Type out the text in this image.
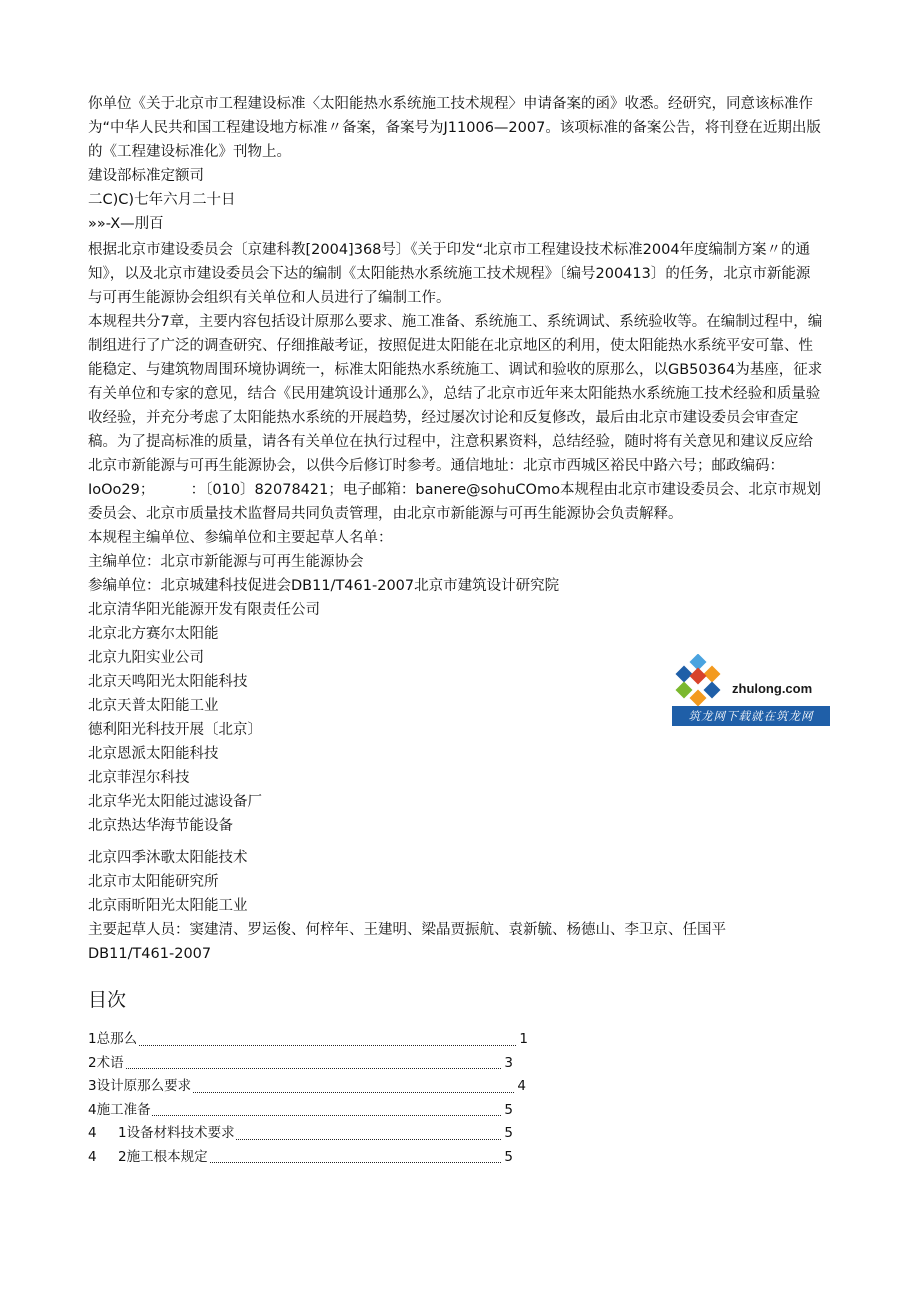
你单位《关于北京市工程建设标准〈太阳能热水系统施工技术规程〉申请备案的函》收悉。经研究，同意该标准作为“中华人民共和国工程建设地方标准〃备案，备案号为J11006—2007。该项标准的备案公告，将刊登在近期出版的《工程建设标准化》刊物上。

建设部标准定额司
二C)C)七年六月二十日
»»-X—刖百

根据北京市建设委员会〔京建科教[2004]368号〕《关于印发“北京市工程建设技术标准2004年度编制方案〃的通知》，以及北京市建设委员会下达的编制《太阳能热水系统施工技术规程》〔编号200413〕的任务，北京市新能源与可再生能源协会组织有关单位和人员进行了编制工作。

本规程共分7章，主要内容包括设计原那么要求、施工准备、系统施工、系统调试、系统验收等。在编制过程中，编制组进行了广泛的调查研究、仔细推敲考证，按照促进太阳能在北京地区的利用，使太阳能热水系统平安可靠、性能稳定、与建筑物周围环境协调统一，标准太阳能热水系统施工、调试和验收的原那么，以GB50364为基座，征求有关单位和专家的意见，结合《民用建筑设计通那么》，总结了北京市近年来太阳能热水系统施工技术经验和质量验收经验，并充分考虑了太阳能热水系统的开展趋势，经过屡次讨论和反复修改，最后由北京市建设委员会审查定稿。为了提高标准的质量，请各有关单位在执行过程中，注意积累资料，总结经验，随时将有关意见和建议反应给北京市新能源与可再生能源协会，以供今后修订时参考。通信地址：北京市西城区裕民中路六号；邮政编码：IoOo29；　　　：〔010〕82078421；电子邮箱：banere@sohuCOmo本规程由北京市建设委员会、北京市规划委员会、北京市质量技术监督局共同负责管理，由北京市新能源与可再生能源协会负责解释。

本规程主编单位、参编单位和主要起草人名单：
主编单位：北京市新能源与可再生能源协会
参编单位：北京城建科技促进会DB11/T461-2007北京市建筑设计研究院
北京清华阳光能源开发有限责任公司
北京北方赛尔太阳能
北京九阳实业公司
北京天鸣阳光太阳能科技
北京天普太阳能工业
德利阳光科技开展〔北京〕
北京恩派太阳能科技
北京菲涅尔科技
北京华光太阳能过滤设备厂
北京热达华海节能设备
北京四季沐歌太阳能技术
北京市太阳能研究所
北京雨昕阳光太阳能工业
主要起草人员：窦建清、罗运俊、何梓年、王建明、梁晶贾振航、袁新毓、杨德山、李卫京、任国平
DB11/T461-2007
目次
1总那么	1
2术语	3
3设计原那么要求	4
4施工准备	5
4 1设备材料技术要求	5
4 2施工根本规定	5
zhulong.com
筑龙网下载就在筑龙网
